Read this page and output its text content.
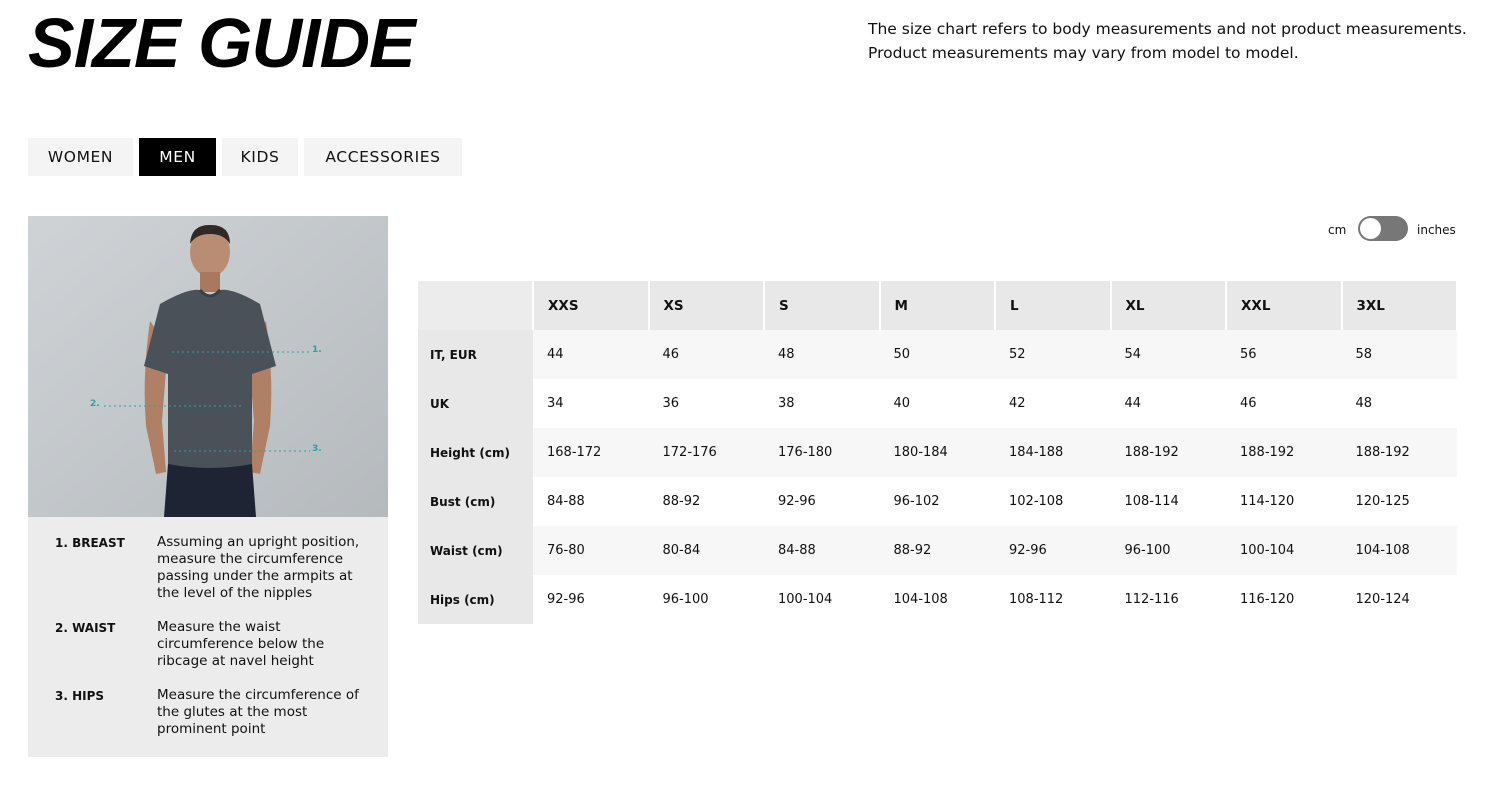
SIZE GUIDE	The size chart refers to body measurements and not product measurements. Product measurements may vary from model to model.
WOMEN	MEN	KIDS	ACCESSORIES
1.
2.
3.
1. BREAST Assuming an upright position, measure the circumference passing under the armpits at the level of the nipples
2. WAIST	Measure the waist circumference below the ribcage at navel height
3. HIPS	Measure the circumference of the glutes at the most prominent point
cm	inches
	XXS	XS	S	M	L	XL	XXL	3XL
IT, EUR	44	46	48	50	52	54	56	58
UK	34	36	38	40	42	44	46	48
Height (cm)	168-172	172-176	176-180	180-184	184-188	188-192	188-192	188-192
Bust (cm)	84-88	88-92	92-96	96-102	102-108	108-114	114-120	120-125
Waist (cm)	76-80	80-84	84-88	88-92	92-96	96-100	100-104	104-108
Hips (cm)	92-96	96-100	100-104	104-108	108-112	112-116	116-120	120-124
